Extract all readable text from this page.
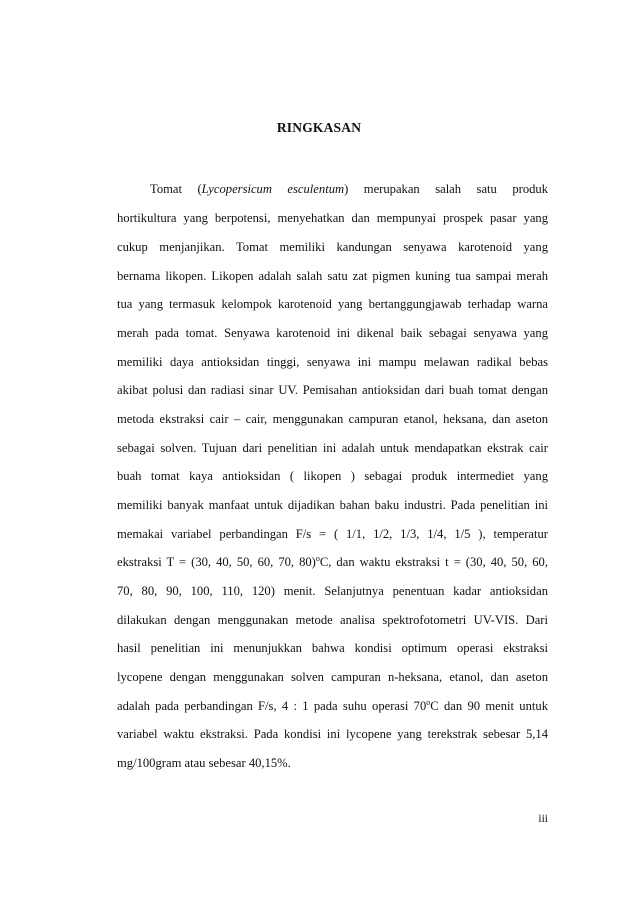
RINGKASAN
Tomat (Lycopersicum esculentum) merupakan salah satu produk
hortikultura yang berpotensi, menyehatkan dan mempunyai prospek pasar yang
cukup menjanjikan. Tomat memiliki kandungan senyawa karotenoid yang
bernama likopen. Likopen adalah salah satu zat pigmen kuning tua sampai merah
tua yang termasuk kelompok karotenoid yang bertanggungjawab terhadap warna
merah pada tomat. Senyawa karotenoid ini dikenal baik sebagai senyawa yang
memiliki daya antioksidan tinggi, senyawa ini mampu melawan radikal bebas
akibat polusi dan radiasi sinar UV. Pemisahan antioksidan dari buah tomat dengan
metoda ekstraksi cair – cair, menggunakan campuran etanol, heksana, dan aseton
sebagai solven. Tujuan dari penelitian ini adalah untuk mendapatkan ekstrak cair
buah tomat kaya antioksidan ( likopen ) sebagai produk intermediet yang
memiliki banyak manfaat untuk dijadikan bahan baku industri. Pada penelitian ini
memakai variabel perbandingan F/s = ( 1/1, 1/2, 1/3, 1/4, 1/5 ), temperatur
ekstraksi T = (30, 40, 50, 60, 70, 80)$^o$C, dan waktu ekstraksi t = (30, 40, 50, 60,
70, 80, 90, 100, 110, 120) menit. Selanjutnya penentuan kadar antioksidan
dilakukan dengan menggunakan metode analisa spektrofotometri UV-VIS. Dari
hasil penelitian ini menunjukkan bahwa kondisi optimum operasi ekstraksi
lycopene dengan menggunakan solven campuran n-heksana, etanol, dan aseton
adalah pada perbandingan F/s, 4 : 1 pada suhu operasi 70$^o$C dan 90 menit untuk
variabel waktu ekstraksi. Pada kondisi ini lycopene yang terekstrak sebesar 5,14
mg/100gram atau sebesar 40,15%.
iii
